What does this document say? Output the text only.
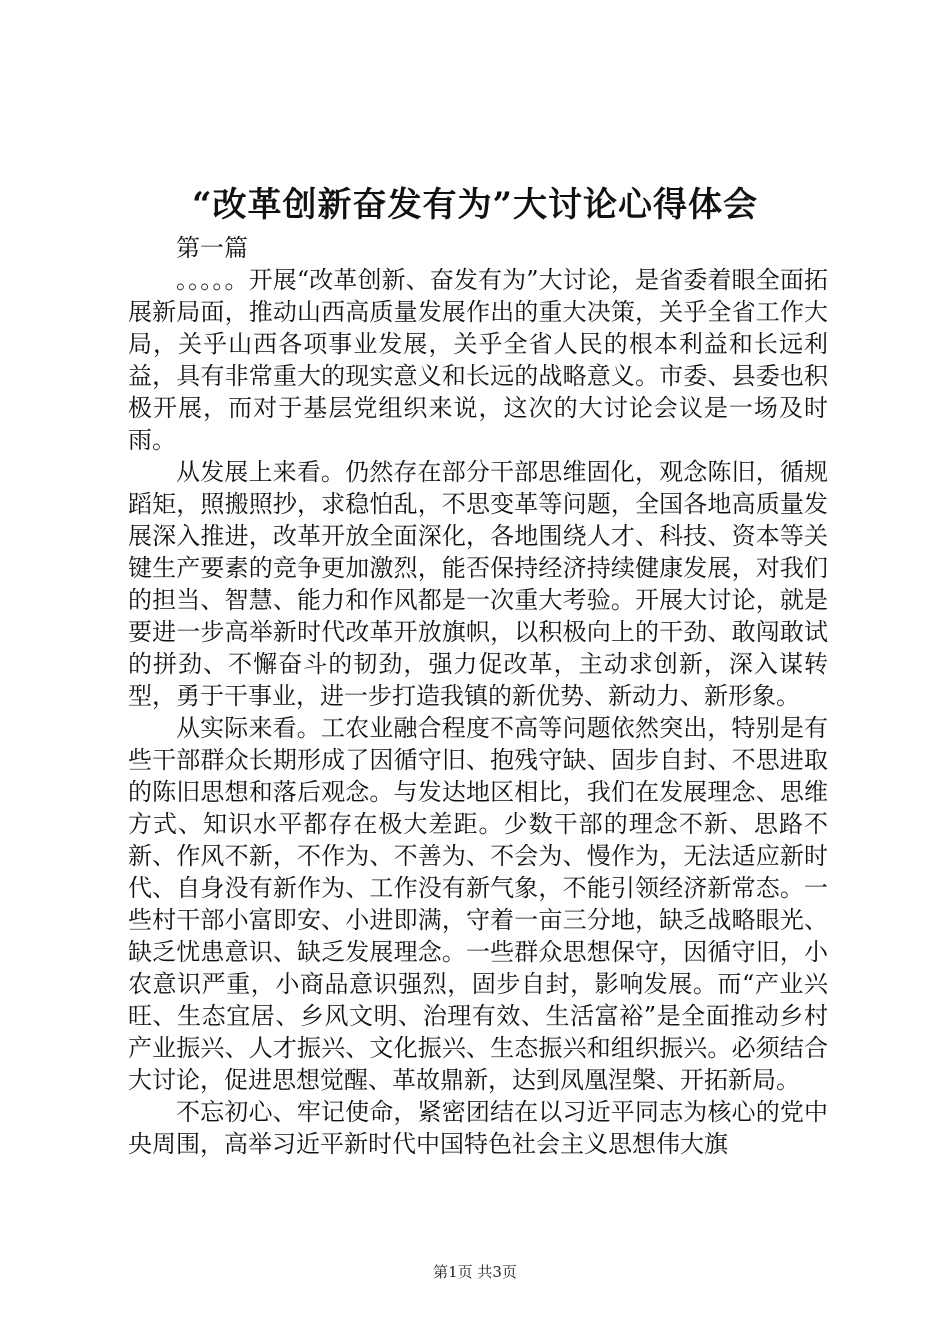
“改革创新奋发有为”大讨论心得体会

第一篇

。。。。。开展“改革创新、奋发有为”大讨论，是省委着眼全面拓展新局面，推动山西高质量发展作出的重大决策，关乎全省工作大局，关乎山西各项事业发展，关乎全省人民的根本利益和长远利益，具有非常重大的现实意义和长远的战略意义。市委、县委也积极开展，而对于基层党组织来说，这次的大讨论会议是一场及时雨。

从发展上来看。仍然存在部分干部思维固化，观念陈旧，循规蹈矩，照搬照抄，求稳怕乱，不思变革等问题，全国各地高质量发展深入推进，改革开放全面深化，各地围绕人才、科技、资本等关键生产要素的竞争更加激烈，能否保持经济持续健康发展，对我们的担当、智慧、能力和作风都是一次重大考验。开展大讨论，就是要进一步高举新时代改革开放旗帜，以积极向上的干劲、敢闯敢试的拼劲、不懈奋斗的韧劲，强力促改革，主动求创新，深入谋转型，勇于干事业，进一步打造我镇的新优势、新动力、新形象。

从实际来看。工农业融合程度不高等问题依然突出，特别是有些干部群众长期形成了因循守旧、抱残守缺、固步自封、不思进取的陈旧思想和落后观念。与发达地区相比，我们在发展理念、思维方式、知识水平都存在极大差距。少数干部的理念不新、思路不新、作风不新，不作为、不善为、不会为、慢作为，无法适应新时代、自身没有新作为、工作没有新气象，不能引领经济新常态。一些村干部小富即安、小进即满，守着一亩三分地，缺乏战略眼光、缺乏忧患意识、缺乏发展理念。一些群众思想保守，因循守旧，小农意识严重，小商品意识强烈，固步自封，影响发展。而“产业兴旺、生态宜居、乡风文明、治理有效、生活富裕”是全面推动乡村产业振兴、人才振兴、文化振兴、生态振兴和组织振兴。必须结合大讨论，促进思想觉醒、革故鼎新，达到凤凰涅槃、开拓新局。

不忘初心、牢记使命，紧密团结在以习近平同志为核心的党中央周围，高举习近平新时代中国特色社会主义思想伟大旗

第1页 共3页
